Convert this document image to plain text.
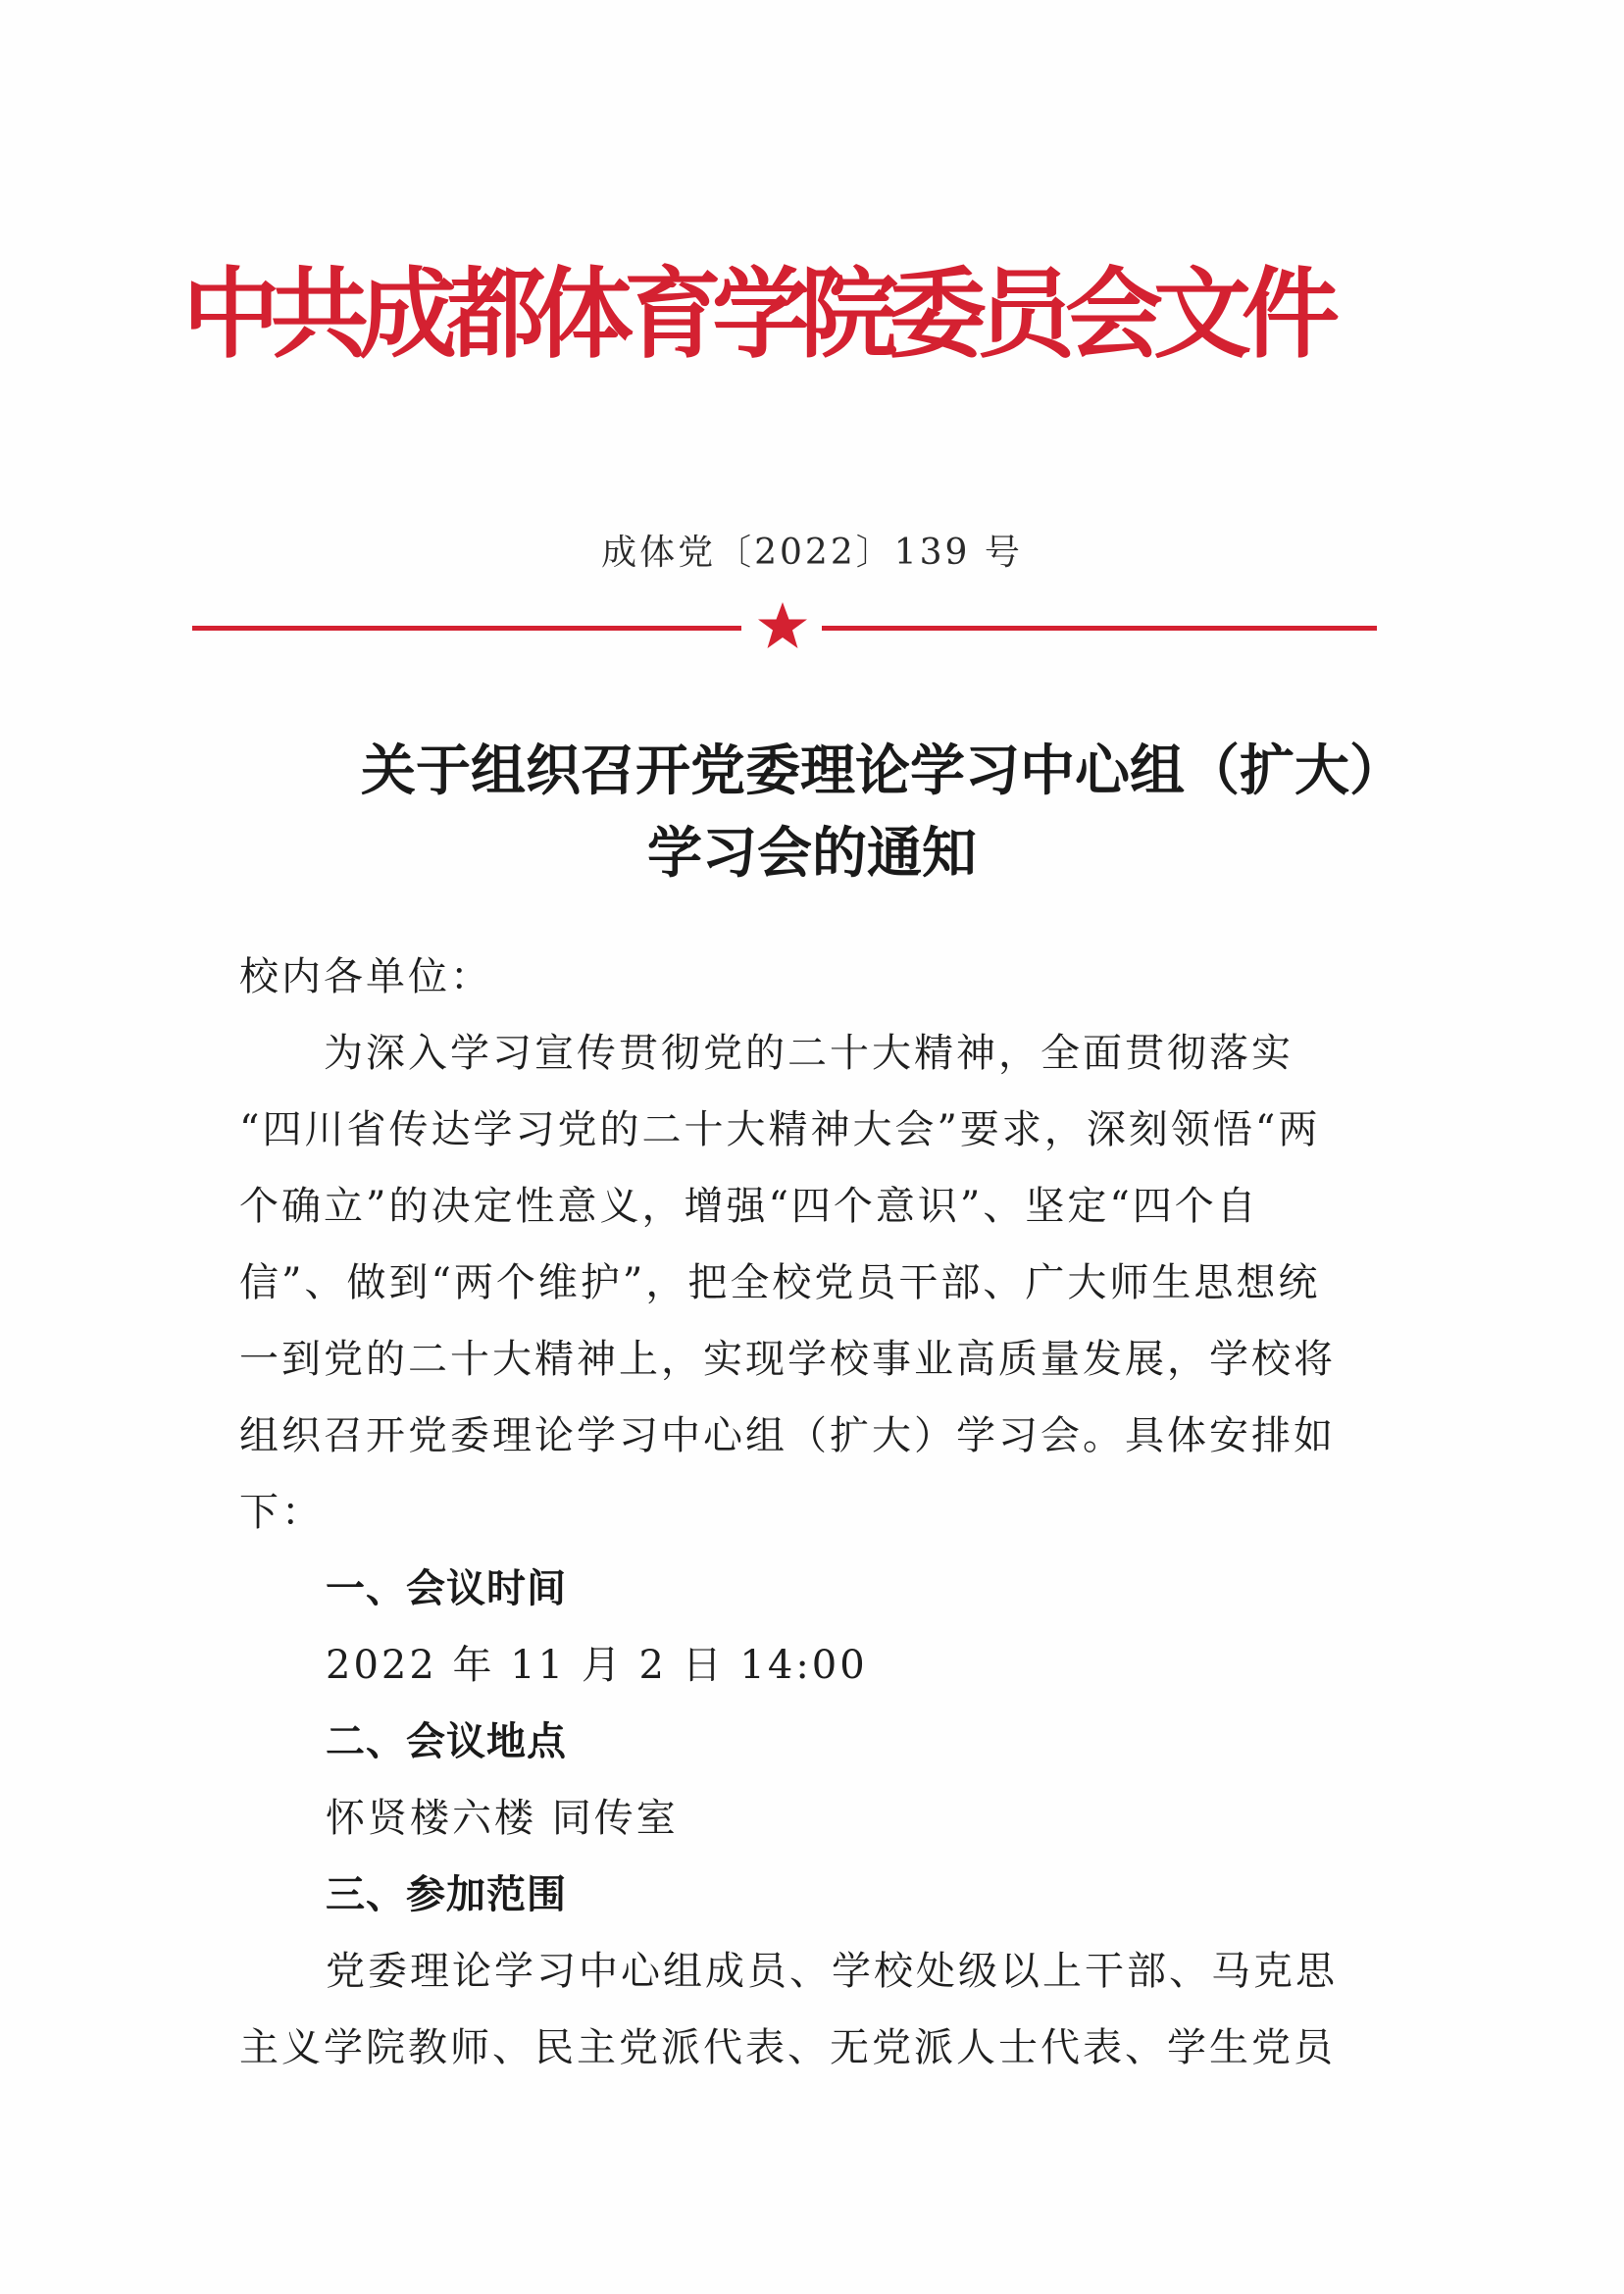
中共成都体育学院委员会文件
成体党〔2022〕139 号
关于组织召开党委理论学习中心组（扩大）
学习会的通知
校内各单位：
　　为深入学习宣传贯彻党的二十大精神，全面贯彻落实
“四川省传达学习党的二十大精神大会”要求，深刻领悟“两
个确立”的决定性意义，增强“四个意识”、坚定“四个自
信”、做到“两个维护”，把全校党员干部、广大师生思想统
一到党的二十大精神上，实现学校事业高质量发展，学校将
组织召开党委理论学习中心组（扩大）学习会。具体安排如
下：
一、会议时间
2022 年 11 月 2 日 14:00
二、会议地点
怀贤楼六楼 同传室
三、参加范围
党委理论学习中心组成员、学校处级以上干部、马克思
主义学院教师、民主党派代表、无党派人士代表、学生党员
